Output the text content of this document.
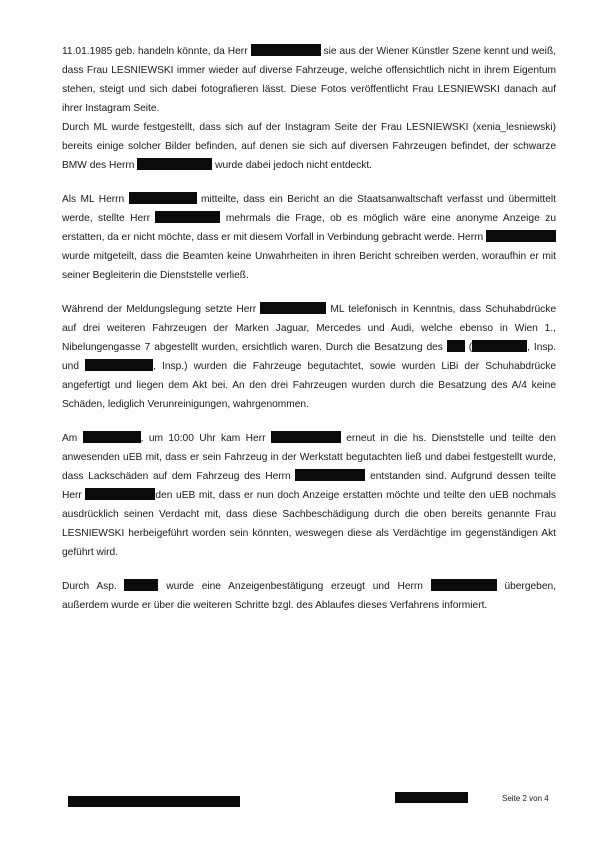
11.01.1985 geb. handeln könnte, da Herr	sie aus der Wiener Künstler Szene kennt und weiß, dass Frau LESNIEWSKI immer wieder auf diverse Fahrzeuge, welche offensichtlich nicht in ihrem Eigentum stehen, steigt und sich dabei fotografieren lässt. Diese Fotos veröffentlicht Frau LESNIEWSKI danach auf ihrer Instagram Seite.
Durch ML wurde festgestellt, dass sich auf der Instagram Seite der Frau LESNIEWSKI (xenia_lesniewski) bereits einige solcher Bilder befinden, auf denen sie sich auf diversen Fahrzeugen befindet, der schwarze BMW des Herrn	wurde dabei jedoch nicht entdeckt.

Als ML Herrn	mitteilte, dass ein Bericht an die Staatsanwaltschaft verfasst und übermittelt werde, stellte Herr	mehrmals die Frage, ob es möglich wäre eine anonyme Anzeige zu erstatten, da er nicht möchte, dass er mit diesem Vorfall in Verbindung gebracht werde. Herrn  wurde mitgeteilt, dass die Beamten keine Unwahrheiten in ihren Bericht schreiben werden, woraufhin er mit seiner Begleiterin die Dienststelle verließ.

Während der Meldungslegung setzte Herr	ML telefonisch in Kenntnis, dass Schuhabdrücke auf drei weiteren Fahrzeugen der Marken Jaguar, Mercedes und Audi, welche ebenso in Wien 1., Nibelungengasse 7 abgestellt wurden, ersichtlich waren. Durch die Besatzung des  (	, Insp. und	, Insp.) wurden die Fahrzeuge begutachtet, sowie wurden LiBi der Schuhabdrücke angefertigt und liegen dem Akt bei. An den drei Fahrzeugen wurden durch die Besatzung des A/4 keine Schäden, lediglich Verunreinigungen, wahrgenommen.

Am	, um 10:00 Uhr kam Herr	erneut in die hs. Dienststelle und teilte den anwesenden uEB mit, dass er sein Fahrzeug in der Werkstatt begutachten ließ und dabei festgestellt wurde, dass Lackschäden auf dem Fahrzeug des Herrn	entstanden sind. Aufgrund dessen teilte Herr	den uEB mit, dass er nun doch Anzeige erstatten möchte und teilte den uEB nochmals ausdrücklich seinen Verdacht mit, dass diese Sachbeschädigung durch die oben bereits genannte Frau LESNIEWSKI herbeigeführt worden sein könnten, weswegen diese als Verdächtige im gegenständigen Akt geführt wird.

Durch Asp.	wurde eine Anzeigenbestätigung erzeugt und Herrn	übergeben, außerdem wurde er über die weiteren Schritte bzgl. des Ablaufes dieses Verfahrens informiert.

Seite 2 von 4
